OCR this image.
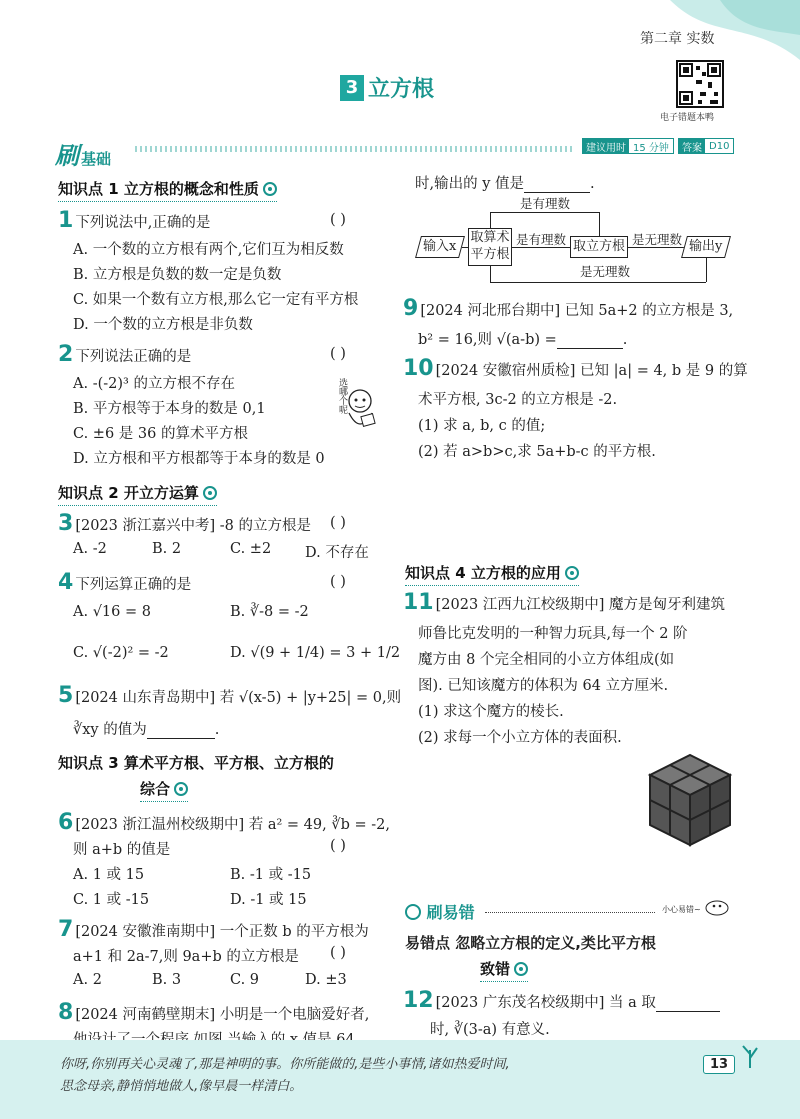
第二章 实数
3 立方根
电子错题本鸭
刷 基础
建议用时 15 分钟	答案 D10
知识点 1 立方根的概念和性质
1 下列说法中,正确的是	( )
A. 一个数的立方根有两个,它们互为相反数
B. 立方根是负数的数一定是负数
C. 如果一个数有立方根,那么它一定有平方根
D. 一个数的立方根是非负数
2 下列说法正确的是	( )
A. -(-2)³ 的立方根不存在
B. 平方根等于本身的数是 0,1
C. ±6 是 36 的算术平方根
D. 立方根和平方根都等于本身的数是 0
选哪个呢
知识点 2 开立方运算
3 [2023 浙江嘉兴中考] -8 的立方根是 ( )
A. -2	B. 2	C. ±2 D. 不存在
4 下列运算正确的是	( )
A. √16 = 8	B. ∛-8 = -2
C. √(-2)² = -2	D. √(9 + 1/4) = 3 + 1/2
5 [2024 山东青岛期中] 若 √(x-5) + |y+25| = 0,则
∛xy 的值为	.
知识点 3 算术平方根、平方根、立方根的
综合
6 [2023 浙江温州校级期中] 若 a² = 49, ∛b = -2,
则 a+b 的值是	( )
A. 1 或 15	B. -1 或 -15
C. 1 或 -15	D. -1 或 15
7 [2024 安徽淮南期中] 一个正数 b 的平方根为
a+1 和 2a-7,则 9a+b 的立方根是 ( )
A. 2	B. 3	C. 9	D. ±3
8 [2024 河南鹤壁期末] 小明是一个电脑爱好者,
时,输出的 y 值是	.
输入x
取算术
平方根
是有理数 取立方根 是无理数 输出y
是有理数
是无理数
9 [2024 河北邢台期中] 已知 5a+2 的立方根是 3,
b² = 16,则 √(a-b) =	.
10 [2024 安徽宿州质检] 已知 |a| = 4, b 是 9 的算
术平方根, 3c-2 的立方根是 -2.
(1) 求 a, b, c 的值;
(2) 若 a>b>c,求 5a+b-c 的平方根.
知识点 4 立方根的应用
11 [2023 江西九江校级期中] 魔方是匈牙利建筑
师鲁比克发明的一种智力玩具,每一个 2 阶
魔方由 8 个完全相同的小立方体组成(如
图). 已知该魔方的体积为 64 立方厘米.
(1) 求这个魔方的棱长.
(2) 求每一个小立方体的表面积.
刷易错	小心易错~
易错点 忽略立方根的定义,类比平方根
致错
12 [2023 广东茂名校级期中] 当 a 取
时, ∛(3-a) 有意义.
你呀,你别再关心灵魂了,那是神明的事。你所能做的,是些小事情,诸如热爱时间,
思念母亲,静悄悄地做人,像早晨一样清白。
13
